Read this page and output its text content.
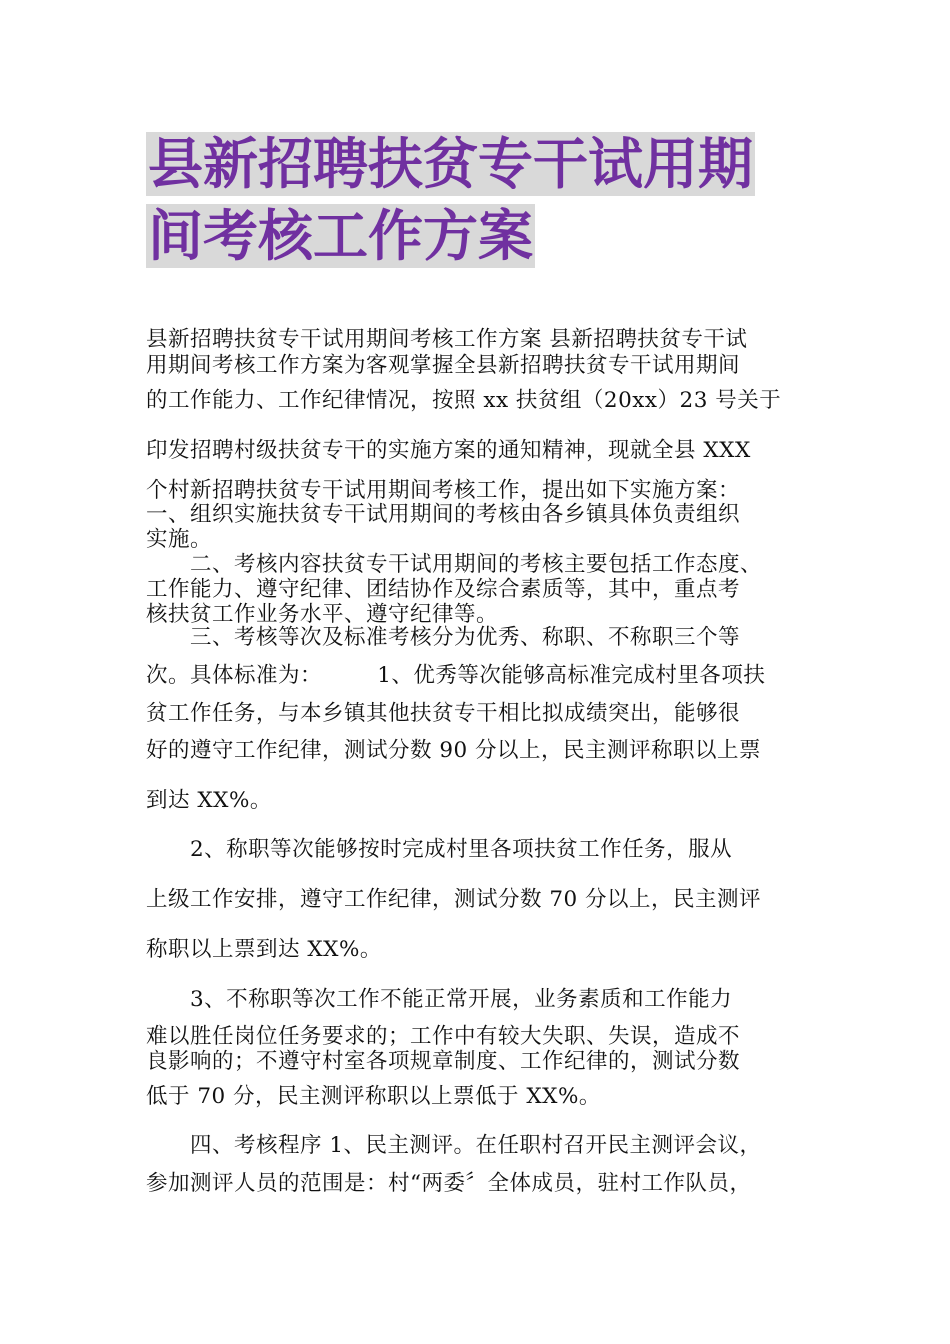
县新招聘扶贫专干试用期
间考核工作方案

县新招聘扶贫专干试用期间考核工作方案 县新招聘扶贫专干试

用期间考核工作方案为客观掌握全县新招聘扶贫专干试用期间

的工作能力、工作纪律情况，按照 xx 扶贫组（20xx）23 号关于

印发招聘村级扶贫专干的实施方案的通知精神，现就全县 XXX

个村新招聘扶贫专干试用期间考核工作，提出如下实施方案：

一、组织实施扶贫专干试用期间的考核由各乡镇具体负责组织

实施。

　　二、考核内容扶贫专干试用期间的考核主要包括工作态度、

工作能力、遵守纪律、团结协作及综合素质等，其中，重点考

核扶贫工作业务水平、遵守纪律等。

　　三、考核等次及标准考核分为优秀、称职、不称职三个等

次。具体标准为：　　　1、优秀等次能够高标准完成村里各项扶

贫工作任务，与本乡镇其他扶贫专干相比拟成绩突出，能够很

好的遵守工作纪律，测试分数 90 分以上，民主测评称职以上票

到达 XX%。

　　2、称职等次能够按时完成村里各项扶贫工作任务，服从

上级工作安排，遵守工作纪律，测试分数 70 分以上，民主测评

称职以上票到达 XX%。

　　3、不称职等次工作不能正常开展，业务素质和工作能力

难以胜任岗位任务要求的；工作中有较大失职、失误，造成不

良影响的；不遵守村室各项规章制度、工作纪律的，测试分数

低于 70 分，民主测评称职以上票低于 XX%。

　　四、考核程序 1、民主测评。在任职村召开民主测评会议，

参加测评人员的范围是：村“两委〞全体成员，驻村工作队员，
